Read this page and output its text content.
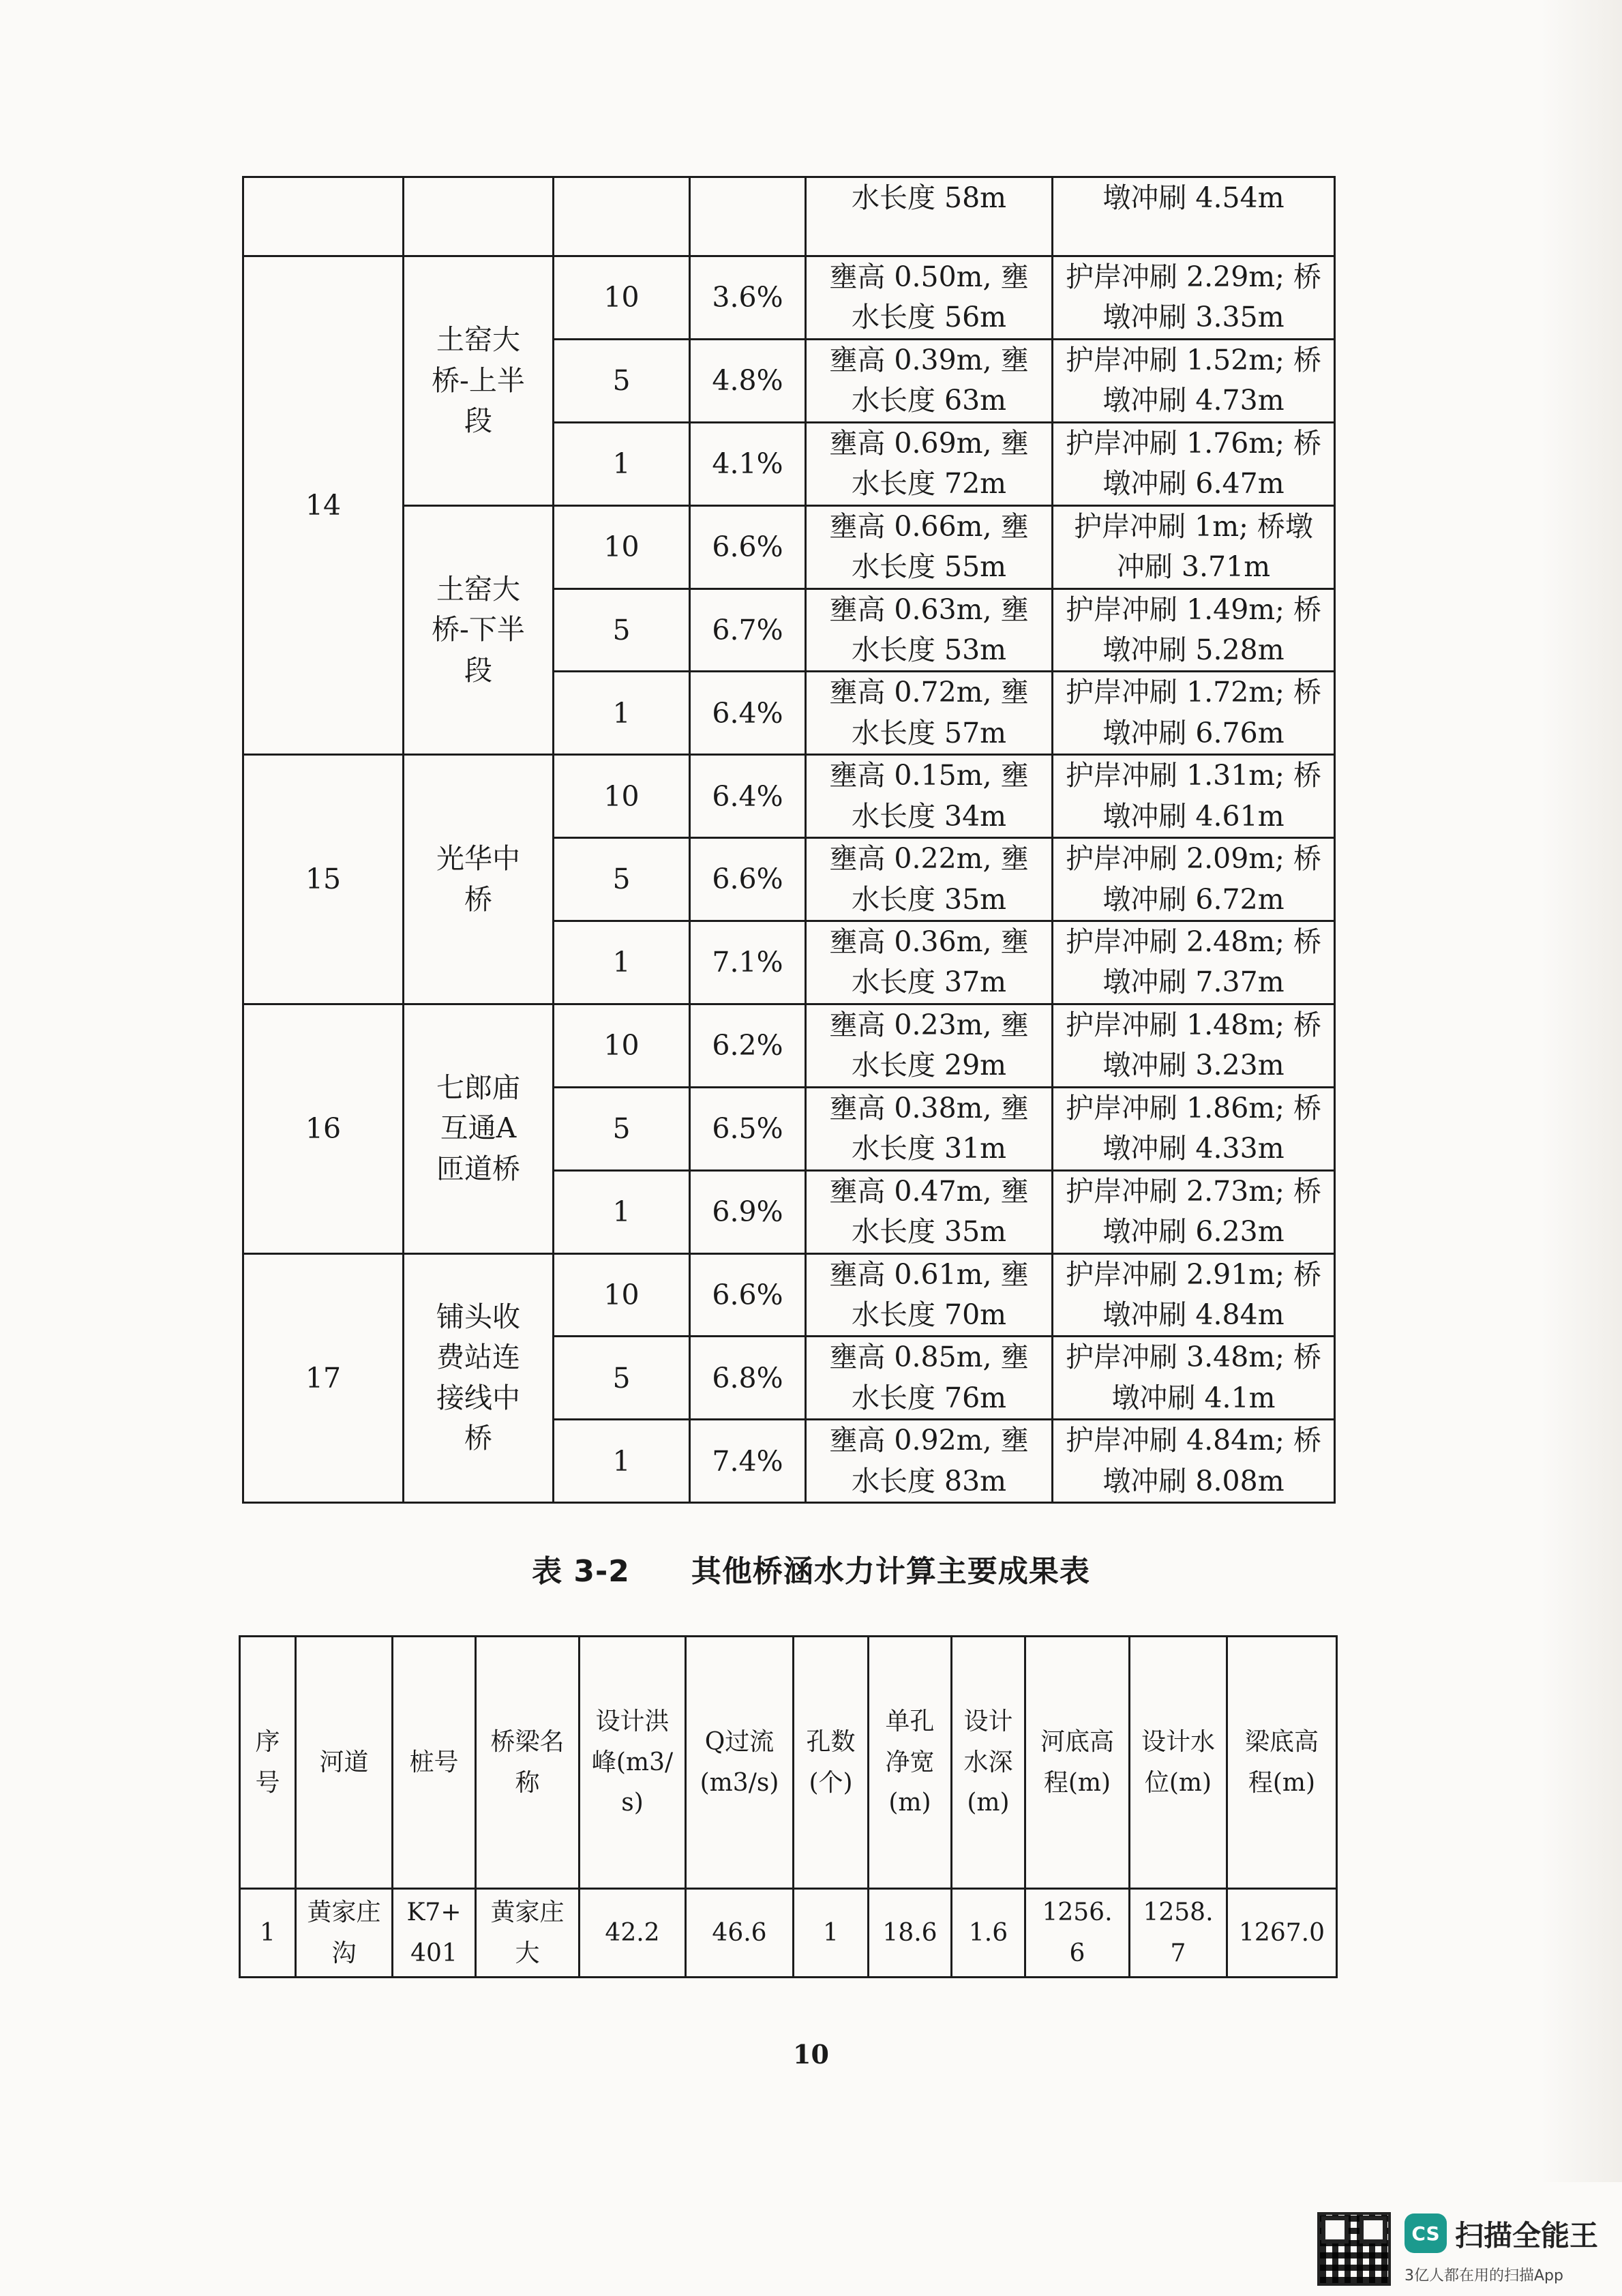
				水长度 58m	墩冲刷 4.54m
14	土窑大桥-上半段	10	3.6%	壅高 0.50m, 壅水长度 56m	护岸冲刷 2.29m; 桥墩冲刷 3.35m
		5	4.8%	壅高 0.39m, 壅水长度 63m	护岸冲刷 1.52m; 桥墩冲刷 4.73m
		1	4.1%	壅高 0.69m, 壅水长度 72m	护岸冲刷 1.76m; 桥墩冲刷 6.47m
	土窑大桥-下半段	10	6.6%	壅高 0.66m, 壅水长度 55m	护岸冲刷 1m; 桥墩冲刷 3.71m
		5	6.7%	壅高 0.63m, 壅水长度 53m	护岸冲刷 1.49m; 桥墩冲刷 5.28m
		1	6.4%	壅高 0.72m, 壅水长度 57m	护岸冲刷 1.72m; 桥墩冲刷 6.76m
15	光华中桥	10	6.4%	壅高 0.15m, 壅水长度 34m	护岸冲刷 1.31m; 桥墩冲刷 4.61m
		5	6.6%	壅高 0.22m, 壅水长度 35m	护岸冲刷 2.09m; 桥墩冲刷 6.72m
		1	7.1%	壅高 0.36m, 壅水长度 37m	护岸冲刷 2.48m; 桥墩冲刷 7.37m
16	七郎庙互通A匝道桥	10	6.2%	壅高 0.23m, 壅水长度 29m	护岸冲刷 1.48m; 桥墩冲刷 3.23m
		5	6.5%	壅高 0.38m, 壅水长度 31m	护岸冲刷 1.86m; 桥墩冲刷 4.33m
		1	6.9%	壅高 0.47m, 壅水长度 35m	护岸冲刷 2.73m; 桥墩冲刷 6.23m
17	铺头收费站连接线中桥	10	6.6%	壅高 0.61m, 壅水长度 70m	护岸冲刷 2.91m; 桥墩冲刷 4.84m
		5	6.8%	壅高 0.85m, 壅水长度 76m	护岸冲刷 3.48m; 桥墩冲刷 4.1m
		1	7.4%	壅高 0.92m, 壅水长度 83m	护岸冲刷 4.84m; 桥墩冲刷 8.08m
表 3-2 其他桥涵水力计算主要成果表
序号	河道	桩号	桥梁名称	设计洪峰(m3/s)	Q过流(m3/s)	孔数(个)	单孔净宽(m)	设计水深(m)	河底高程(m)	设计水位(m)	梁底高程(m)
1	黄家庄沟	K7+401	黄家庄大	42.2	46.6	1	18.6	1.6	1256.6	1258.7	1267.0
10
CS 扫描全能王
3亿人都在用的扫描App
